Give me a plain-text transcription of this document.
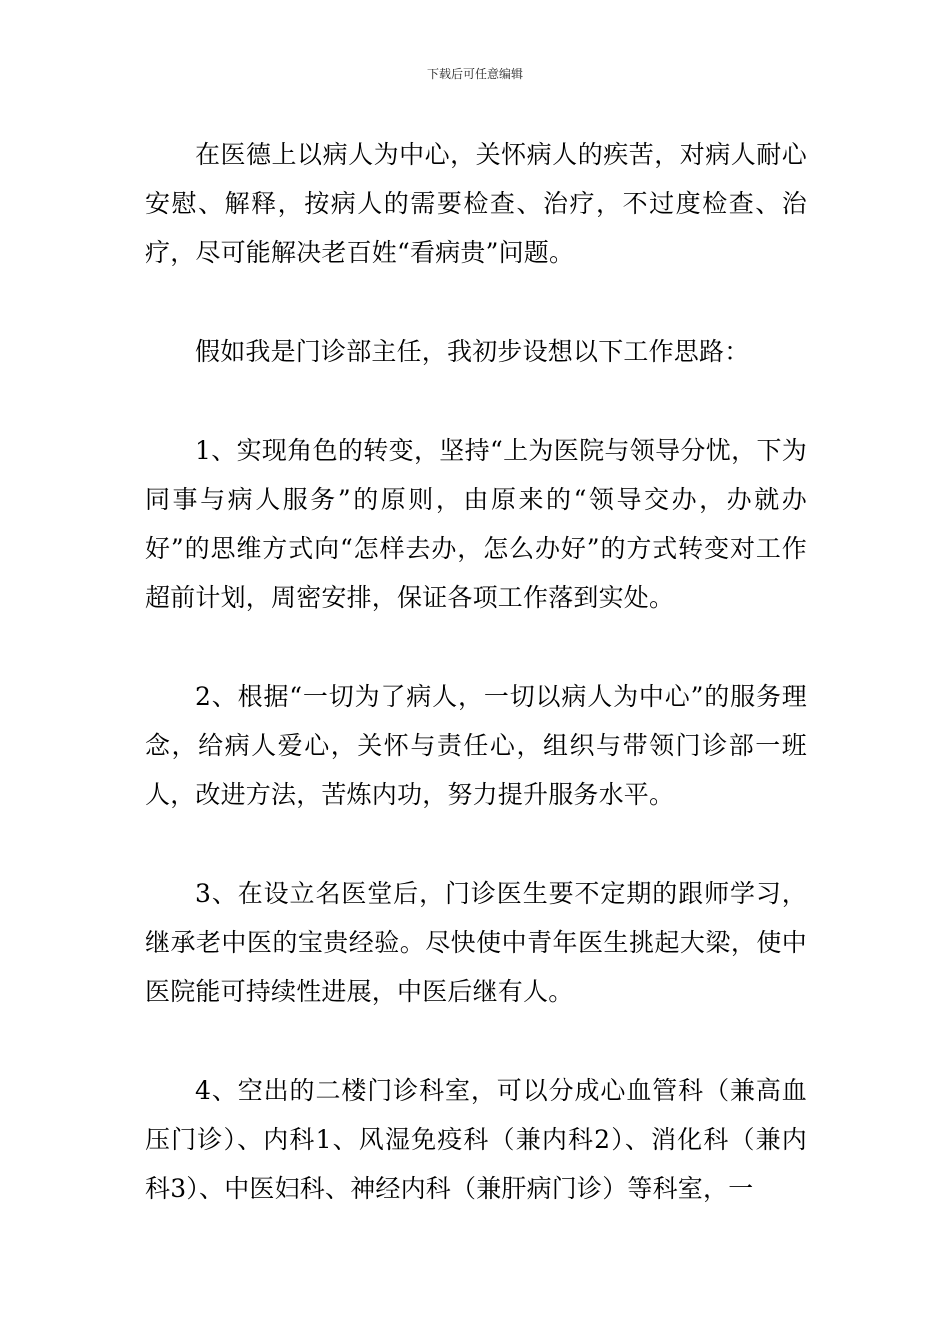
下载后可任意编辑

在医德上以病人为中心，关怀病人的疾苦，对病人耐心安慰、解释，按病人的需要检查、治疗，不过度检查、治疗，尽可能解决老百姓“看病贵”问题。

假如我是门诊部主任，我初步设想以下工作思路：

1、实现角色的转变，坚持“上为医院与领导分忧，下为同事与病人服务”的原则，由原来的“领导交办，办就办好”的思维方式向“怎样去办，怎么办好”的方式转变对工作超前计划，周密安排，保证各项工作落到实处。

2、根据“一切为了病人，一切以病人为中心”的服务理念，给病人爱心，关怀与责任心，组织与带领门诊部一班人，改进方法，苦炼内功，努力提升服务水平。

3、在设立名医堂后，门诊医生要不定期的跟师学习，继承老中医的宝贵经验。尽快使中青年医生挑起大梁，使中医院能可持续性进展，中医后继有人。

4、空出的二楼门诊科室，可以分成心血管科（兼高血压门诊）、内科1、风湿免疫科（兼内科2）、消化科（兼内科3）、中医妇科、神经内科（兼肝病门诊）等科室，一
